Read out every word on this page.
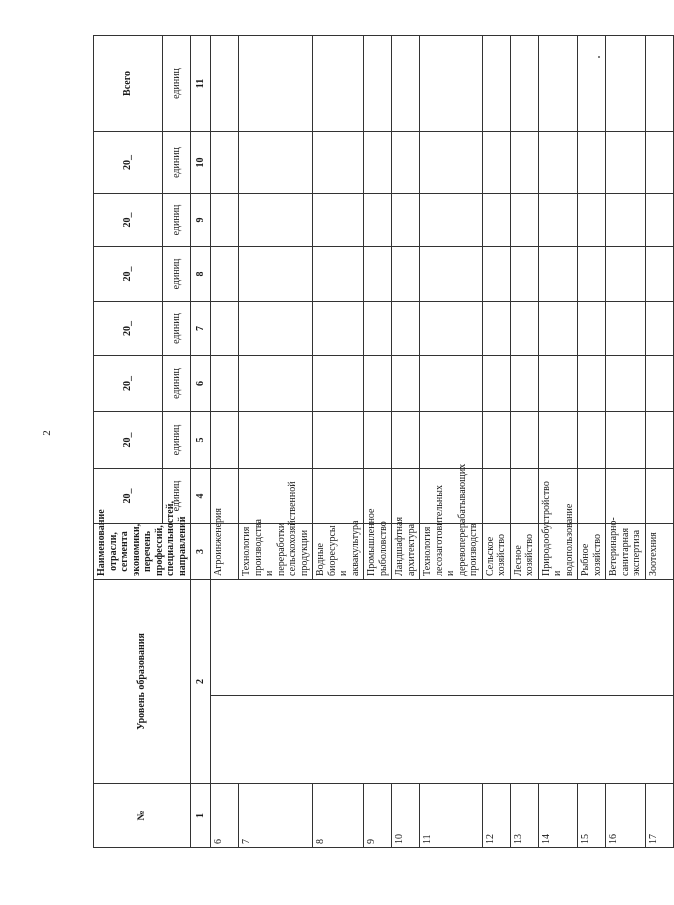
2
№	Уровень образования		Наименование отрасли, сегмента экономики, перечень профессий, специальностей, направлений	20_	20_	20_	20_	20_	20_	20_	Всего
				единиц	единиц	единиц	единиц	единиц	единиц	единиц	единиц
1	2		3	4	5	6	7	8	9	10	11
6			Агроинженерия								
7			Технология производства и переработки сельскохозяйственной продукции								
8			Водные биоресурсы и аквакультура								
9			Промышленное рыболовство								
10			Ландшафтная архитектура								
11			Технология лесозаготовительных и деревоперерабатывающих производств								
12			Сельское хозяйство								
13			Лесное хозяйство								
14			Природообустройство и водопользование								
15			Рыбное хозяйство								
16			Ветеринарно-санитарная экспертиза								
17			Зоотехния								
